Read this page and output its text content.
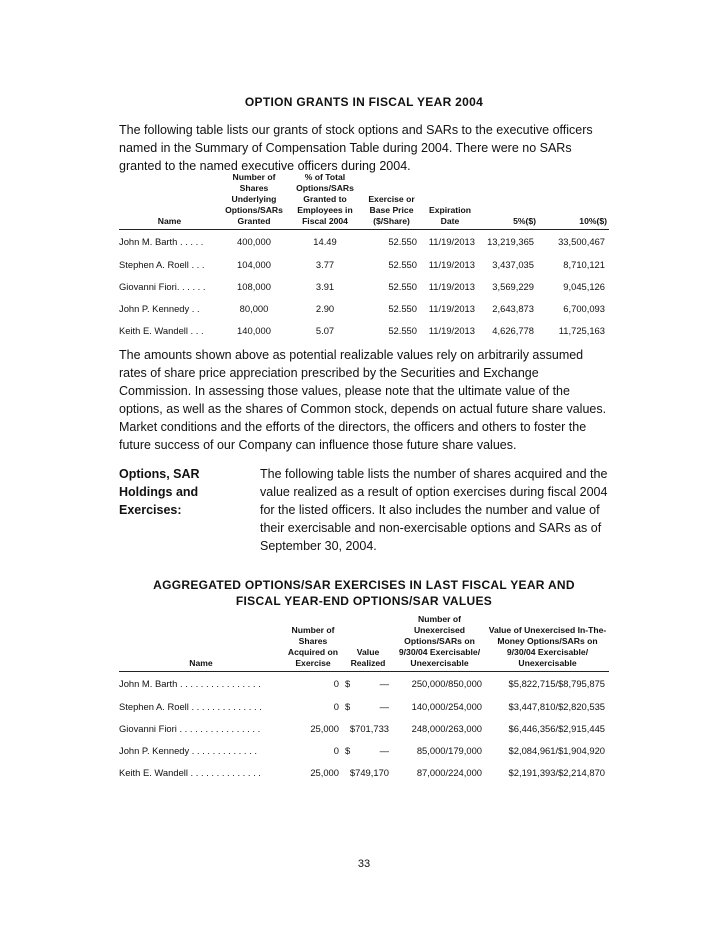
OPTION GRANTS IN FISCAL YEAR 2004
The following table lists our grants of stock options and SARs to the executive officers named in the Summary of Compensation Table during 2004. There were no SARs granted to the named executive officers during 2004.
Name	Number of Shares Underlying Options/SARs Granted	% of Total Options/SARs Granted to Employees in Fiscal 2004	Exercise or Base Price ($/Share)	Expiration Date	5%($)	10%($)
John M. Barth . . . . .	400,000	14.49	52.550	11/19/2013	13,219,365	33,500,467
Stephen A. Roell . . .	104,000	3.77	52.550	11/19/2013	3,437,035	8,710,121
Giovanni Fiori. . . . . .	108,000	3.91	52.550	11/19/2013	3,569,229	9,045,126
John P. Kennedy . .	80,000	2.90	52.550	11/19/2013	2,643,873	6,700,093
Keith E. Wandell . . .	140,000	5.07	52.550	11/19/2013	4,626,778	11,725,163
The amounts shown above as potential realizable values rely on arbitrarily assumed rates of share price appreciation prescribed by the Securities and Exchange Commission. In assessing those values, please note that the ultimate value of the options, as well as the shares of Common stock, depends on actual future share values. Market conditions and the efforts of the directors, the officers and others to foster the future success of our Company can influence those future share values.
Options, SAR
Holdings and
Exercises:
The following table lists the number of shares acquired and the value realized as a result of option exercises during fiscal 2004 for the listed officers. It also includes the number and value of their exercisable and non-exercisable options and SARs as of September 30, 2004.
AGGREGATED OPTIONS/SAR EXERCISES IN LAST FISCAL YEAR AND
FISCAL YEAR-END OPTIONS/SAR VALUES
Name	Number of Shares Acquired on Exercise	Value Realized	Number of Unexercised Options/SARs on 9/30/04 Exercisable/ Unexercisable	Value of Unexercised In-The-Money Options/SARs on 9/30/04 Exercisable/ Unexercisable
John M. Barth . . . . . . . . . . . . . . . .	0	$ —	250,000/850,000	$5,822,715/$8,795,875
Stephen A. Roell . . . . . . . . . . . . . .	0	$ —	140,000/254,000	$3,447,810/$2,820,535
Giovanni Fiori . . . . . . . . . . . . . . . .	25,000	$701,733	248,000/263,000	$6,446,356/$2,915,445
John P. Kennedy . . . . . . . . . . . . .	0	$ —	85,000/179,000	$2,084,961/$1,904,920
Keith E. Wandell . . . . . . . . . . . . . .	25,000	$749,170	87,000/224,000	$2,191,393/$2,214,870
33
